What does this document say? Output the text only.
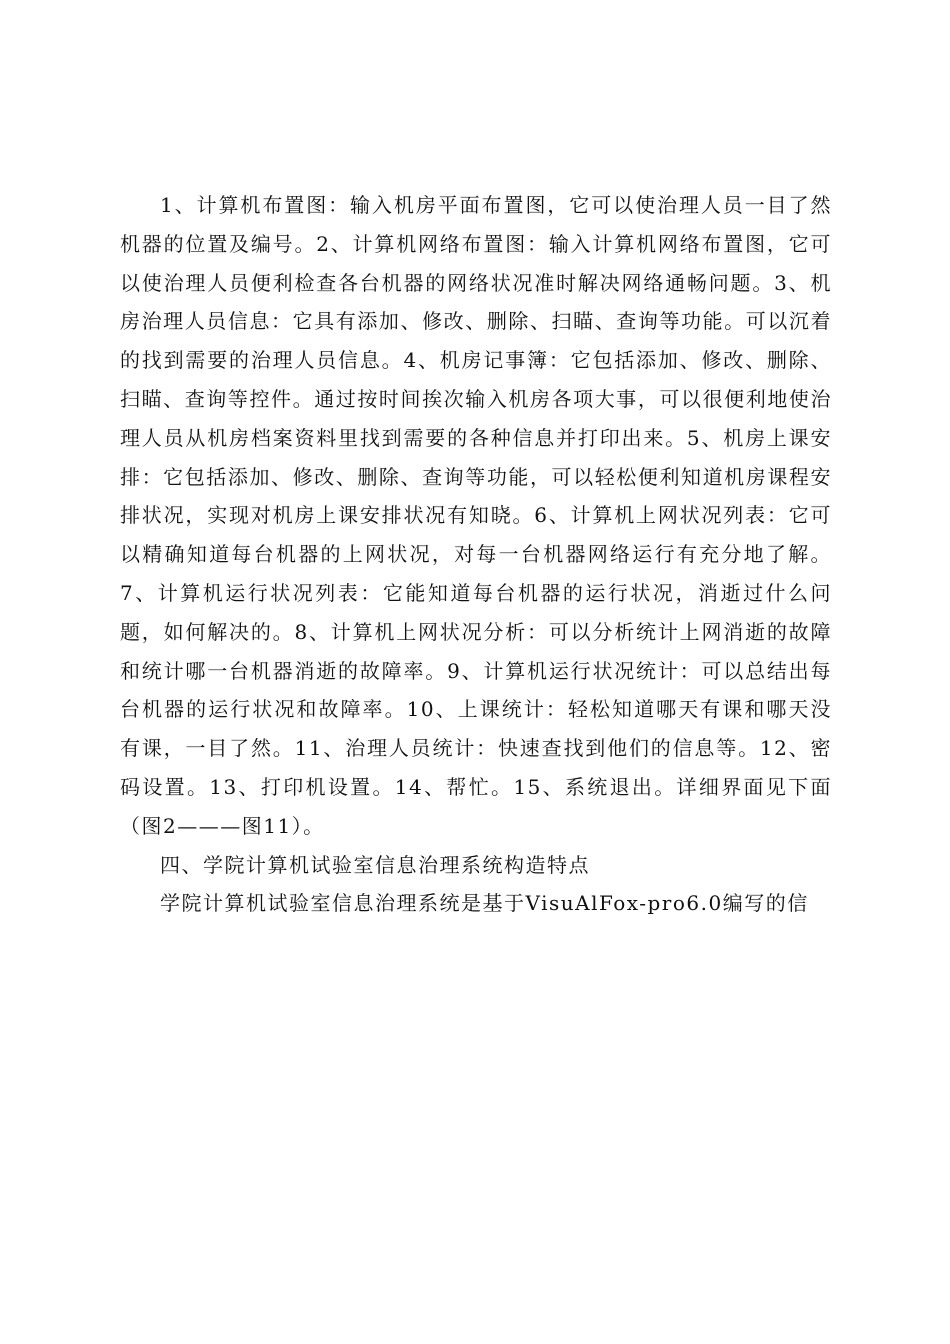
1、计算机布置图：输入机房平面布置图，它可以使治理人员一目了然机器的位置及编号。2、计算机网络布置图：输入计算机网络布置图，它可以使治理人员便利检查各台机器的网络状况准时解决网络通畅问题。3、机房治理人员信息：它具有添加、修改、删除、扫瞄、查询等功能。可以沉着的找到需要的治理人员信息。4、机房记事簿：它包括添加、修改、删除、扫瞄、查询等控件。通过按时间挨次输入机房各项大事，可以很便利地使治理人员从机房档案资料里找到需要的各种信息并打印出来。5、机房上课安排：它包括添加、修改、删除、查询等功能，可以轻松便利知道机房课程安排状况，实现对机房上课安排状况有知晓。6、计算机上网状况列表：它可以精确知道每台机器的上网状况，对每一台机器网络运行有充分地了解。7、计算机运行状况列表：它能知道每台机器的运行状况，消逝过什么问题，如何解决的。8、计算机上网状况分析：可以分析统计上网消逝的故障和统计哪一台机器消逝的故障率。9、计算机运行状况统计：可以总结出每台机器的运行状况和故障率。10、上课统计：轻松知道哪天有课和哪天没有课，一目了然。11、治理人员统计：快速查找到他们的信息等。12、密码设置。13、打印机设置。14、帮忙。15、系统退出。详细界面见下面（图2———图11）。

四、学院计算机试验室信息治理系统构造特点

学院计算机试验室信息治理系统是基于VisuAlFox-pro6.0编写的信
